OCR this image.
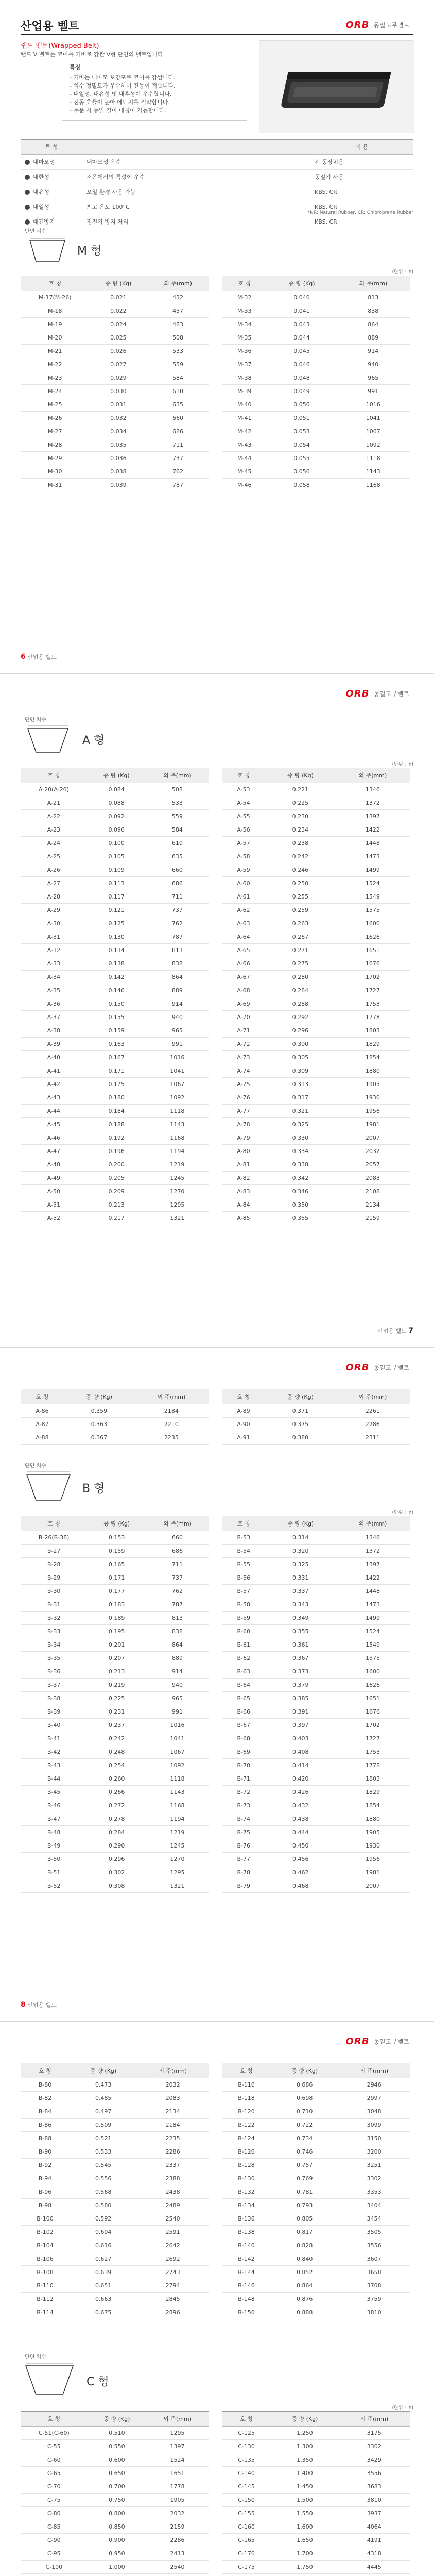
산업용 벨트	ORB 동일고무벨트
랩드 벨트(Wrapped Belt)
랩드 V 벨트는 코어를 커버로 감싼 V형 단면의 벨트입니다.
특징
- 커버는 내마모 보강포로 코어를 감쌉니다.
- 치수 정밀도가 우수하여 진동이 적습니다.
- 내열성, 내유성 및 내후성이 우수합니다.
- 전동 효율이 높아 에너지를 절약합니다.
- 주문 시 동일 길이 매칭이 가능합니다.
특 성		적 용
내마모성	내마모성 우수	전 동장치용
내한성	저온에서의 특성이 우수	동절기 사용
내유성	오일 환경 사용 가능	KBS, CR
내열성	최고 온도 100°C	KBS, CR
대전방지	정전기 방지 처리	KBS, CR
*NR: Natural Rubber, CR: Chloroprene Rubber
단면 치수
M 형
(단위 : in)
호 칭	중 량 (Kg)	외 주(mm)
M-17(M-26)	0.021	432
M-18	0.022	457
M-19	0.024	483
M-20	0.025	508
M-21	0.026	533
M-22	0.027	559
M-23	0.029	584
M-24	0.030	610
M-25	0.031	635
M-26	0.032	660
M-27	0.034	686
M-28	0.035	711
M-29	0.036	737
M-30	0.038	762
M-31	0.039	787
호 칭	중 량 (Kg)	외 주(mm)
M-32	0.040	813
M-33	0.041	838
M-34	0.043	864
M-35	0.044	889
M-36	0.045	914
M-37	0.046	940
M-38	0.048	965
M-39	0.049	991
M-40	0.050	1016
M-41	0.051	1041
M-42	0.053	1067
M-43	0.054	1092
M-44	0.055	1118
M-45	0.056	1143
M-46	0.058	1168
6 산업용 벨트
ORB 동일고무벨트
단면 치수
A 형
(단위 : in)
호 칭	중 량 (Kg)	외 주(mm)
A-20(A-26)	0.084	508
A-21	0.088	533
A-22	0.092	559
A-23	0.096	584
A-24	0.100	610
A-25	0.105	635
A-26	0.109	660
A-27	0.113	686
A-28	0.117	711
A-29	0.121	737
A-30	0.125	762
A-31	0.130	787
A-32	0.134	813
A-33	0.138	838
A-34	0.142	864
A-35	0.146	889
A-36	0.150	914
A-37	0.155	940
A-38	0.159	965
A-39	0.163	991
A-40	0.167	1016
A-41	0.171	1041
A-42	0.175	1067
A-43	0.180	1092
A-44	0.184	1118
A-45	0.188	1143
A-46	0.192	1168
A-47	0.196	1194
A-48	0.200	1219
A-49	0.205	1245
A-50	0.209	1270
A-51	0.213	1295
A-52	0.217	1321
호 칭	중 량 (Kg)	외 주(mm)
A-53	0.221	1346
A-54	0.225	1372
A-55	0.230	1397
A-56	0.234	1422
A-57	0.238	1448
A-58	0.242	1473
A-59	0.246	1499
A-60	0.250	1524
A-61	0.255	1549
A-62	0.259	1575
A-63	0.263	1600
A-64	0.267	1626
A-65	0.271	1651
A-66	0.275	1676
A-67	0.280	1702
A-68	0.284	1727
A-69	0.288	1753
A-70	0.292	1778
A-71	0.296	1803
A-72	0.300	1829
A-73	0.305	1854
A-74	0.309	1880
A-75	0.313	1905
A-76	0.317	1930
A-77	0.321	1956
A-78	0.325	1981
A-79	0.330	2007
A-80	0.334	2032
A-81	0.338	2057
A-82	0.342	2083
A-83	0.346	2108
A-84	0.350	2134
A-85	0.355	2159
산업용 벨트 7
ORB 동일고무벨트
호 칭	중 량 (Kg)	외 주(mm)
A-86	0.359	2184
A-87	0.363	2210
A-88	0.367	2235
호 칭	중 량 (Kg)	외 주(mm)
A-89	0.371	2261
A-90	0.375	2286
A-91	0.380	2311
단면 치수
B 형
(단위 : in)
호 칭	중 량 (Kg)	외 주(mm)
B-26(B-38)	0.153	660
B-27	0.159	686
B-28	0.165	711
B-29	0.171	737
B-30	0.177	762
B-31	0.183	787
B-32	0.189	813
B-33	0.195	838
B-34	0.201	864
B-35	0.207	889
B-36	0.213	914
B-37	0.219	940
B-38	0.225	965
B-39	0.231	991
B-40	0.237	1016
B-41	0.242	1041
B-42	0.248	1067
B-43	0.254	1092
B-44	0.260	1118
B-45	0.266	1143
B-46	0.272	1168
B-47	0.278	1194
B-48	0.284	1219
B-49	0.290	1245
B-50	0.296	1270
B-51	0.302	1295
B-52	0.308	1321
호 칭	중 량 (Kg)	외 주(mm)
B-53	0.314	1346
B-54	0.320	1372
B-55	0.325	1397
B-56	0.331	1422
B-57	0.337	1448
B-58	0.343	1473
B-59	0.349	1499
B-60	0.355	1524
B-61	0.361	1549
B-62	0.367	1575
B-63	0.373	1600
B-64	0.379	1626
B-65	0.385	1651
B-66	0.391	1676
B-67	0.397	1702
B-68	0.403	1727
B-69	0.408	1753
B-70	0.414	1778
B-71	0.420	1803
B-72	0.426	1829
B-73	0.432	1854
B-74	0.438	1880
B-75	0.444	1905
B-76	0.450	1930
B-77	0.456	1956
B-78	0.462	1981
B-79	0.468	2007
8 산업용 벨트
ORB 동일고무벨트
호 칭	중 량 (Kg)	외 주(mm)
B-80	0.473	2032
B-82	0.485	2083
B-84	0.497	2134
B-86	0.509	2184
B-88	0.521	2235
B-90	0.533	2286
B-92	0.545	2337
B-94	0.556	2388
B-96	0.568	2438
B-98	0.580	2489
B-100	0.592	2540
B-102	0.604	2591
B-104	0.616	2642
B-106	0.627	2692
B-108	0.639	2743
B-110	0.651	2794
B-112	0.663	2845
B-114	0.675	2896
호 칭	중 량 (Kg)	외 주(mm)
B-116	0.686	2946
B-118	0.698	2997
B-120	0.710	3048
B-122	0.722	3099
B-124	0.734	3150
B-126	0.746	3200
B-128	0.757	3251
B-130	0.769	3302
B-132	0.781	3353
B-134	0.793	3404
B-136	0.805	3454
B-138	0.817	3505
B-140	0.828	3556
B-142	0.840	3607
B-144	0.852	3658
B-146	0.864	3708
B-148	0.876	3759
B-150	0.888	3810
단면 치수
C 형
(단위 : in)
호 칭	중 량 (Kg)	외 주(mm)
C-51(C-60)	0.510	1295
C-55	0.550	1397
C-60	0.600	1524
C-65	0.650	1651
C-70	0.700	1778
C-75	0.750	1905
C-80	0.800	2032
C-85	0.850	2159
C-90	0.900	2286
C-95	0.950	2413
C-100	1.000	2540

호 칭	중 량 (Kg)	외 주(mm)
C-125	1.250	3175
C-130	1.300	3302
C-135	1.350	3429
C-140	1.400	3556
C-145	1.450	3683
C-150	1.500	3810
C-155	1.550	3937
C-160	1.600	4064
C-165	1.650	4191
C-170	1.700	4318
C-175	1.750	4445
